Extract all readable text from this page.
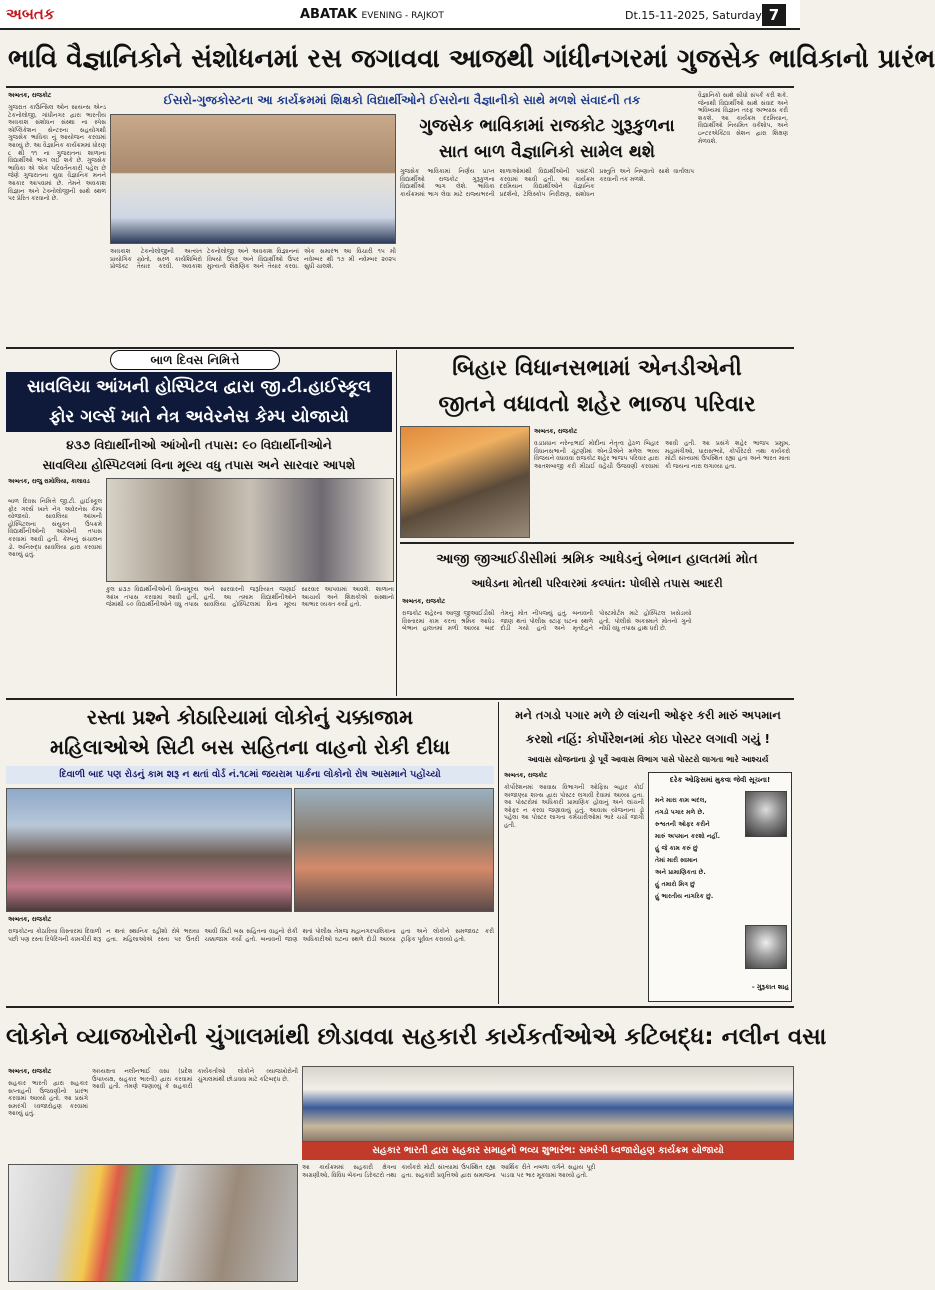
અબતક	ABATAK EVENING - RAJKOT	Dt.15-11-2025, Saturday 7
ભાવિ વૈજ્ઞાનિકોને સંશોધનમાં રસ જગાવવા આજથી ગાંધીનગરમાં ગુજસેક ભાવિકાનો પ્રારંભ
ઈસરો-ગુજકોસ્ટના આ કાર્યક્રમમાં શિક્ષકો વિદ્યાર્થીઓને ઈસરોના વૈજ્ઞાનીકો સાથે મળશે સંવાદની તક
અબતક, રાજકોટ
ગુજરાત કાઉન્સિલ ઓન સાયન્સ એન્ડ ટેકનોલોજી, ગાંધીનગર દ્વારા ભારતીય અવકાશ સંશોધન સંસ્થા ના સ્પેસ એપ્લિકેશન સેન્ટરના સહયોગથી ગુજસેક ભાવિકા નું આયોજન કરવામાં આવ્યું છે. આ વૈજ્ઞાનિક કાર્યક્રમમાં ધોરણ ૮ થી ૧૧ ના ગુજરાતના શાળાના વિદ્યાર્થીઓ ભાગ લઈ શકે છે. ગુજસેક ભાવિકા એ એક પરિવર્તનકારી પહેલ છે જેણે ગુજરાતના યુવા વૈજ્ઞાનિક મનને આકાર આપવામાં છે. તેમને અવકાશ વિજ્ઞાન અને ટેક્નોલોજીની સાથે સ્થળ પર પ્રેરિત કરવાનો છે.
અવકાશ ટેકનોલોજીની અત્યંત પ્રાયોગિક સ્ત્રોતો, સરળ કાર્યશિબિરો પ્રોજેક્ટ તૈયાર કરવી. અવકાશ ટેકનોલોજી અને અવકાશ વિજ્ઞાનનાં વિષયો ઉપર અને વિદ્યાર્થીઓ ઉપર મુખ્યત્વે શૈક્ષણિક અને તૈયાર કરવા. એક સમારંભ આ વિચારી ૧૫ મી નવેમ્બર થી ૧૭ મી નવેમ્બર ૨૦૨૫ સુધી ચાલશે.
ગુજસેક ભાવિકામાં રાજકોટ ગુરૂકુળના
સાત બાળ વૈજ્ઞાનિકો સામેલ થશે
ગુજસેક ભાવિકામાં નિર્ણય પ્રાપ્ત વિદ્યાર્થીઓ રાજકોટ ગુરૂકુળના વિદ્યાર્થીઓ ભાગ લેશે. ભાવિકા કાર્યક્રમમાં ભાગ લેવા માટે રાજ્યભરની શાળાઓમાંથી વિદ્યાર્થીઓની પસંદગી કરવામાં આવી હતી. આ કાર્યક્રમ દરમિયાન વિદ્યાર્થીઓને વૈજ્ઞાનિક પ્રદર્શનો, ટેલિસ્કોપ નિરીક્ષણ, સંશોધન પ્રસ્તુતિ અને નિષ્ણાતો સાથે વાર્તાલાપ કરવાની તક મળશે.
વૈજ્ઞાનિકો સાથે સીધો સંપર્ક કરી શકે. જેનાથી વિદ્યાર્થીઓ સાથે સંવાદ અને ભવિષ્યમાં વિજ્ઞાન તરફ અભ્યાસ કરી શકશે. આ કાર્યક્રમ દરમિયાન, વિદ્યાર્થીઓ નિયમિત વર્કશોપ, અને ઇન્ટરએક્ટિવ સેશન દ્વારા શિક્ષણ મેળવશે.
બાળ દિવસ નિમિત્તે
સાવલિયા આંખની હોસ્પિટલ દ્વારા જી.ટી.હાઈસ્કૂલ
ફોર ગર્લ્સ ખાતે નેત્ર અવેરનેસ કેમ્પ યોજાયો
૪૩૭ વિદ્યાર્થીનીઓ આંખોની તપાસ: ૯૦ વિદ્યાર્થીનીઓને
સાવલિયા હોસ્પિટલમાં વિના મૂલ્ય વધુ તપાસ અને સારવાર આપશે
અબતક, રાજુ રામોલિયા, કાલાવડ
બાળ દિવસ નિમિત્તે જી.ટી. હાઈસ્કૂલ ફોર ગર્લ્સ ખાતે નેત્ર અવેરનેસ કેમ્પ યોજાયો. સાવલિયા આંખની હોસ્પિટલના સંયુક્ત ઉપક્રમે વિદ્યાર્થીનીઓની આંખોની તપાસ કરવામાં આવી હતી. કેમ્પનું સંચાલન ડો. અનિરુદ્ધ સાવલિયા દ્વારા કરવામાં આવ્યું હતું.
કુલ ૪૩૭ વિદ્યાર્થીનીઓની વિનામૂલ્ય આંખ તપાસ કરવામાં આવી હતી, જેમાંથી ૯૦ વિદ્યાર્થીનીઓને વધુ તપાસ અને સારવારની જરૂરિયાત જણાઈ હતી. આ તમામ વિદ્યાર્થીનીઓને સાવલિયા હોસ્પિટલમાં વિના મૂલ્ય સારવાર આપવામાં આવશે. શાળાના આચાર્ય અને શિક્ષકોએ સંસ્થાનો આભાર વ્યક્ત કર્યો હતો.
બિહાર વિધાનસભામાં એનડીએની
જીતને વધાવતો શહેર ભાજપ પરિવાર
અબતક, રાજકોટ
વડાપ્રધાન નરેન્દ્રભાઈ મોદીના નેતૃત્વ હેઠળ બિહાર વિધાનસભાની ચૂંટણીમાં એનડીએને મળેલ ભવ્ય વિજયને વધાવવા રાજકોટ શહેર ભાજપ પરિવાર દ્વારા આતશબાજી કરી મીઠાઈ વહેંચી ઉજવણી કરવામાં આવી હતી. આ પ્રસંગે શહેર ભાજપ પ્રમુખ, મહામંત્રીઓ, ધારાસભ્યો, કોર્પોરેટરો તથા કાર્યકરો મોટી સંખ્યામાં ઉપસ્થિત રહ્યા હતા અને ભારત માતા કી જયના નારા લગાવ્યા હતા.
આજી જીઆઈડીસીમાં શ્રમિક આધેડનું બેભાન હાલતમાં મોત
આધેડના મોતથી પરિવારમાં કલ્પાંત: પોલીસે તપાસ આદરી
અબતક, રાજકોટ
રાજકોટ શહેરના આજી જીઆઈડીસી વિસ્તારમાં કામ કરતા શ્રમિક આધેડ બેભાન હાલતમાં મળી આવ્યા બાદ તેમનું મોત નીપજ્યું હતું. બનાવની જાણ થતાં પોલીસ સ્ટાફ ઘટના સ્થળે દોડી ગયો હતો અને મૃતદેહને પોસ્ટમોર્ટમ માટે હોસ્પિટલ ખસેડાયો હતો. પોલીસે અકસ્માતે મોતનો ગુનો નોંધી વધુ તપાસ હાથ ધરી છે.
રસ્તા પ્રશ્ને કોઠારિયામાં લોકોનું ચક્કાજામ
મહિલાઓએ સિટી બસ સહિતના વાહનો રોકી દીધા
દિવાળી બાદ પણ રોડનું કામ શરૂ ન થતાં વોર્ડ નં.૧૮માં જયરામ પાર્કના લોકોનો રોષ આસમાને પહોંચ્યો
અબતક, રાજકોટ
રાજકોટના કોઠારિયા વિસ્તારમાં દિવાળી પછી પણ રસ્તા રિપેરિંગની કામગીરી શરૂ ન થતાં સ્થાનિક રહીશો રોષે ભરાયા હતા. મહિલાઓએ રસ્તા પર ઉતરી આવી સિટી બસ સહિતના વાહનો રોકી ચક્કાજામ કર્યો હતો. બનાવની જાણ થતાં પોલીસ તેમજ મહાનગરપાલિકાના અધિકારીઓ ઘટના સ્થળે દોડી આવ્યા હતા અને લોકોને સમજાવટ કરી ટ્રાફિક પૂર્વવત કરાવ્યો હતો.
મને તગડો પગાર મળે છે લાંચની ઓફર કરી મારું અપમાન
કરશો નહિં: કોર્પોરેશનમાં કોઇ પોસ્ટર લગાવી ગયું !
આવાસ યોજનાના ડ્રો પૂર્વે આવાસ વિભાગ પાસે પોસ્ટરો લાગતા ભારે આશ્ચર્ય
અબતક, રાજકોટ
કોર્પોરેશનમાં આવાસ વિભાગની ઓફિસ બહાર કોઈ અજાણ્યા શખ્સ દ્વારા પોસ્ટર લગાવી દેવામાં આવ્યા હતા. આ પોસ્ટરોમાં અધિકારી પ્રામાણિક હોવાનું અને લાંચની ઓફર ન કરવા જણાવાયું હતું. આવાસ યોજનાના ડ્રો પહેલા આ પોસ્ટર લાગતા કર્મચારીઓમાં ભારે ચર્ચા જાગી હતી.
દરેક ઓફિસમાં મુકવા જેવી સૂચના!
મને મારા કામ બદલ,
તગડો પગાર મળે છે.
રુશ્વતની ઓફર કરીને
મારું અપમાન કરશો નહીં.
હું જે કામ કરું છું
તેમાં મારી સ્વમાન
અને પ્રામાણિકતા છે.
હું તમારો મિત્ર છું
હું ભારતીય નાગરિક છું.
- ગુરૂકાત શાહ
લોકોને વ્યાજખોરોની ચુંગાલમાંથી છોડાવવા સહકારી કાર્યકર્તાઓએ કટિબદ્ધ: નલીન વસા
અબતક, રાજકોટ
સહકાર ભારતી દ્વારા સહકાર સપ્તાહની ઉજવણીનો પ્રારંભ કરવામાં આવ્યો હતો. આ પ્રસંગે સમરંગી ધ્વજારોહણ કરવામાં આવ્યું હતું.
અધ્યક્ષતા નલીનભાઈ વસા (પ્રદેશ ઉપાધ્યક્ષ, સહકાર ભારતી) દ્વારા કરવામાં આવી હતી. તેમણે જણાવ્યું કે સહકારી કાર્યકર્તાઓ લોકોને વ્યાજખોરોની ચુંગાલમાંથી છોડાવવા માટે કટિબદ્ધ છે.
સહકાર ભારતી દ્વારા સહકાર સમાહનો ભવ્ય શુભારંભ: સમરંગી ધ્વજારોહણ કાર્યક્રમ યોજાયો
આ કાર્યક્રમમાં સહકારી ક્ષેત્રના અગ્રણીઓ, વિવિધ બેંકના ડિરેક્ટરો તથા કાર્યકરો મોટી સંખ્યામાં ઉપસ્થિત રહ્યા હતા. સહકારી પ્રવૃત્તિઓ દ્વારા સમાજના આર્થિક રીતે નબળા વર્ગને સહાય પૂરી પાડવા પર ભાર મૂકવામાં આવ્યો હતો.
